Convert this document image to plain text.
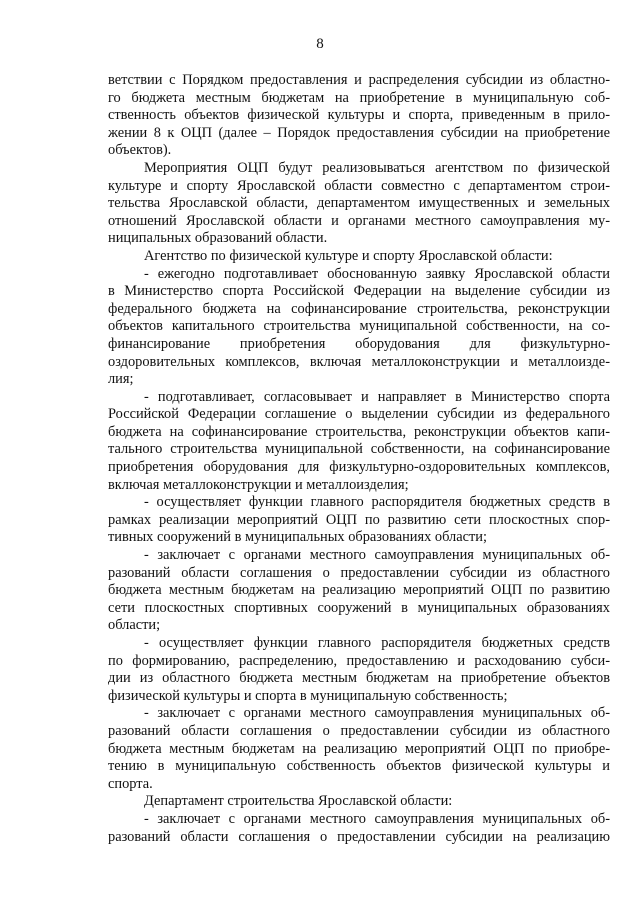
8
ветствии с Порядком предоставления и распределения субсидии из областно-
го бюджета местным бюджетам на приобретение в муниципальную соб-
ственность объектов физической культуры и спорта, приведенным в прило-
жении 8 к ОЦП (далее – Порядок предоставления субсидии на приобретение
объектов).
Мероприятия ОЦП будут реализовываться агентством по физической
культуре и спорту Ярославской области совместно с департаментом строи-
тельства Ярославской области, департаментом имущественных и земельных
отношений Ярославской области и органами местного самоуправления му-
ниципальных образований области.
Агентство по физической культуре и спорту Ярославской области:
- ежегодно подготавливает обоснованную заявку Ярославской области
в Министерство спорта Российской Федерации на выделение субсидии из
федерального бюджета на софинансирование строительства, реконструкции
объектов капитального строительства муниципальной собственности, на со-
финансирование приобретения оборудования для физкультурно-
оздоровительных комплексов, включая металлоконструкции и металлоизде-
лия;
- подготавливает, согласовывает и направляет в Министерство спорта
Российской Федерации соглашение о выделении субсидии из федерального
бюджета на софинансирование строительства, реконструкции объектов капи-
тального строительства муниципальной собственности, на софинансирование
приобретения оборудования для физкультурно-оздоровительных комплексов,
включая металлоконструкции и металлоизделия;
- осуществляет функции главного распорядителя бюджетных средств в
рамках реализации мероприятий ОЦП по развитию сети плоскостных спор-
тивных сооружений в муниципальных образованиях области;
- заключает с органами местного самоуправления муниципальных об-
разований области соглашения о предоставлении субсидии из областного
бюджета местным бюджетам на реализацию мероприятий ОЦП по развитию
сети плоскостных спортивных сооружений в муниципальных образованиях
области;
- осуществляет функции главного распорядителя бюджетных средств
по формированию, распределению, предоставлению и расходованию субси-
дии из областного бюджета местным бюджетам на приобретение объектов
физической культуры и спорта в муниципальную собственность;
- заключает с органами местного самоуправления муниципальных об-
разований области соглашения о предоставлении субсидии из областного
бюджета местным бюджетам на реализацию мероприятий ОЦП по приобре-
тению в муниципальную собственность объектов физической культуры и
спорта.
Департамент строительства Ярославской области:
- заключает с органами местного самоуправления муниципальных об-
разований области соглашения о предоставлении субсидии на реализацию
